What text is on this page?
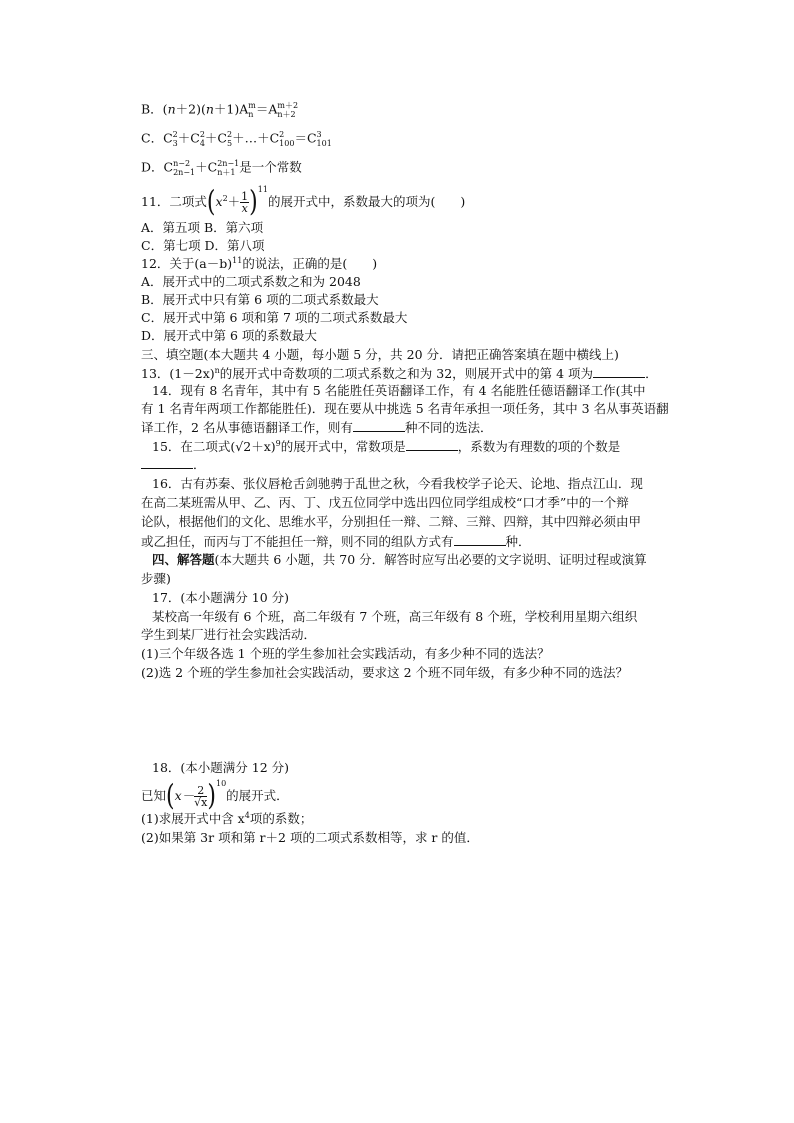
B．(n＋2)(n＋1)A m
n ＝A m＋2
n＋2
C．C 2
3 ＋C 2
4 ＋C 2
5 ＋…＋C 2
100 ＝C 3
101
D．C n−2
2n−1 ＋C 2n−1
n＋1 是一个常数
11．二项式$(x^2+ \frac{1}{x} )^{11}$的展开式中，系数最大的项为(　　)
A．第五项 B．第六项
C．第七项 D．第八项
12．关于$(a-b)^{11}$的说法，正确的是(　　)
A．展开式中的二项式系数之和为 2048
B．展开式中只有第 6 项的二项式系数最大
C．展开式中第 6 项和第 7 项的二项式系数最大
D．展开式中第 6 项的系数最大
三、填空题(本大题共 4 小题，每小题 5 分，共 20 分．请把正确答案填在题中横线上)
13．$(1-2x)^n$的展开式中奇数项的二项式系数之和为 32，则展开式中的第 4 项为	．
14．现有 8 名青年，其中有 5 名能胜任英语翻译工作，有 4 名能胜任德语翻译工作(其中
有 1 名青年两项工作都能胜任)．现在要从中挑选 5 名青年承担一项任务，其中 3 名从事英语翻
译工作，2 名从事德语翻译工作，则有	种不同的选法．
15．在二项式$(√2+x)^9$的展开式中，常数项是	，系数为有理数的项的个数是
．
16．古有苏秦、张仪唇枪舌剑驰骋于乱世之秋，今看我校学子论天、论地、指点江山．现
在高二某班需从甲、乙、丙、丁、戊五位同学中选出四位同学组成校“口才季”中的一个辩
论队，根据他们的文化、思维水平，分别担任一辩、二辩、三辩、四辩，其中四辩必须由甲
或乙担任，而丙与丁不能担任一辩，则不同的组队方式有	种．
四、解答题(本大题共 6 小题，共 70 分．解答时应写出必要的文字说明、证明过程或演算
步骤)
17．(本小题满分 10 分)
某校高一年级有 6 个班，高二年级有 7 个班，高三年级有 8 个班，学校利用星期六组织
学生到某厂进行社会实践活动．
(1)三个年级各选 1 个班的学生参加社会实践活动，有多少种不同的选法？
(2)选 2 个班的学生参加社会实践活动，要求这 2 个班不同年级，有多少种不同的选法？
18．(本小题满分 12 分)
已知$(x- \frac{2}{√x} )^{10}$的展开式．
(1)求展开式中含 $x^4$项的系数；
(2)如果第 3r 项和第 r＋2 项的二项式系数相等，求 r 的值．
